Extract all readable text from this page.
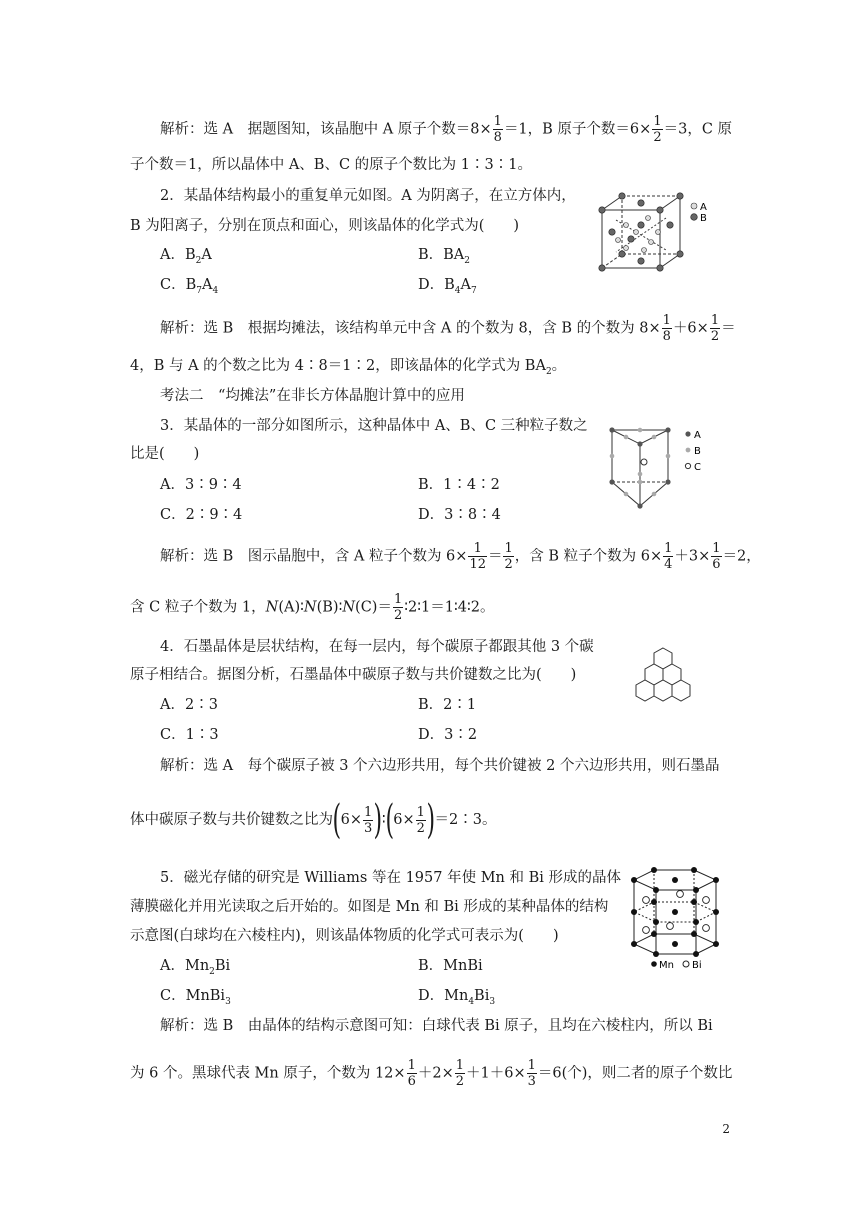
解析：选 A　据题图知，该晶胞中 A 原子个数$=8\times \frac{1}{8} =1$，B 原子个数$=6\times \frac{1}{2} =3$，C 原
子个数＝1，所以晶体中 A、B、C 的原子个数比为 1∶3∶1。
2．某晶体结构最小的重复单元如图。A 为阴离子，在立方体内，
B 为阳离子，分别在顶点和面心，则该晶体的化学式为(　　)
A．$B_2A$	B．$BA_2$
C．$B_7A_4$	D．$B_4A_7$
A
B
解析：选 B　根据均摊法，该结构单元中含 A 的个数为 8，含 B 的个数为 $8\times \frac{1}{8} +6\times \frac{1}{2}$ ＝
4，B 与 A 的个数之比为 4∶8＝1∶2，即该晶体的化学式为 $BA_2$。
考法二　“均摊法”在非长方体晶胞计算中的应用
3．某晶体的一部分如图所示，这种晶体中 A、B、C 三种粒子数之
比是(　　)
A．3∶9∶4	B．1∶4∶2
C．2∶9∶4	D．3∶8∶4
A
B
C
解析：选 B　图示晶胞中，含 A 粒子个数为 $6\times \frac{1}{12} = \frac{1}{2}$ ，含 B 粒子个数为 $6\times \frac{1}{4} +3\times \frac{1}{6} =2$，
含 C 粒子个数为 1，N(A)∶N(B)∶N(C)＝ $\frac{1}{2}$ ∶2∶1＝1∶4∶2。
4．石墨晶体是层状结构，在每一层内，每个碳原子都跟其他 3 个碳
原子相结合。据图分析，石墨晶体中碳原子数与共价键数之比为(　　)
A．2∶3	B．2∶1
C．1∶3	D．3∶2
解析：选 A　每个碳原子被 3 个六边形共用，每个共价键被 2 个六边形共用，则石墨晶
体中碳原子数与共价键数之比为($6\times \frac{1}{3}$ )∶(6× $\frac{1}{2}$ )＝2∶3。
5．磁光存储的研究是 Williams 等在 1957 年使 Mn 和 Bi 形成的晶体
薄膜磁化并用光读取之后开始的。如图是 Mn 和 Bi 形成的某种晶体的结构
示意图(白球均在六棱柱内)，则该晶体物质的化学式可表示为(　　)
A．$Mn_2Bi$	B．MnBi
C．MnBi$_3$	D．$Mn_4Bi_3$
Mn Bi
解析：选 B　由晶体的结构示意图可知：白球代表 Bi 原子，且均在六棱柱内，所以 Bi
为 6 个。黑球代表 Mn 原子，个数为 $12\times \frac{1}{6} +2\times \frac{1}{2} +1+6\times \frac{1}{3} =6$(个)，则二者的原子个数比
2
